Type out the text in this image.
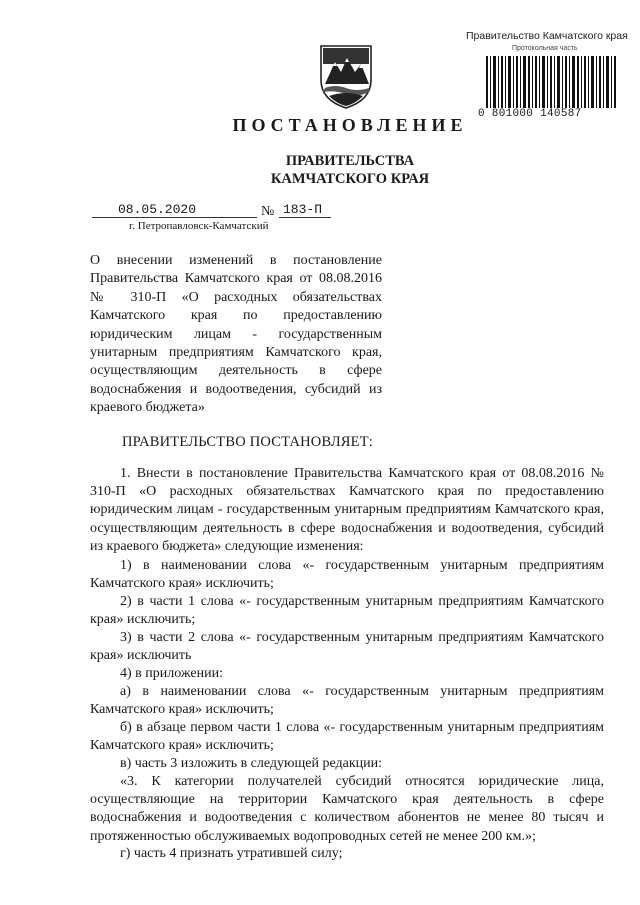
Правительство Камчатского края
Протокольная часть
0 801000 140587
ПОСТАНОВЛЕНИЕ
ПРАВИТЕЛЬСТВА
КАМЧАТСКОГО КРАЯ
08.05.2020	№ 183-П
г. Петропавловск-Камчатский
О внесении изменений в постановление Правительства Камчатского края от 08.08.2016 № 310-П «О расходных обязательствах Камчатского края по предоставлению юридическим лицам - государственным унитарным предприятиям Камчатского края, осуществляющим деятельность в сфере водоснабжения и водоотведения, субсидий из краевого бюджета»
ПРАВИТЕЛЬСТВО ПОСТАНОВЛЯЕТ:
1. Внести в постановление Правительства Камчатского края от 08.08.2016 № 310-П «О расходных обязательствах Камчатского края по предоставлению юридическим лицам - государственным унитарным предприятиям Камчатского края, осуществляющим деятельность в сфере водоснабжения и водоотведения, субсидий из краевого бюджета» следующие изменения:
1) в наименовании слова «- государственным унитарным предприятиям Камчатского края» исключить;
2) в части 1 слова «- государственным унитарным предприятиям Камчатского края» исключить;
3) в части 2 слова «- государственным унитарным предприятиям Камчатского края» исключить
4) в приложении:
а) в наименовании слова «- государственным унитарным предприятиям Камчатского края» исключить;
б) в абзаце первом части 1 слова «- государственным унитарным предприятиям Камчатского края» исключить;
в) часть 3 изложить в следующей редакции:
«3. К категории получателей субсидий относятся юридические лица, осуществляющие на территории Камчатского края деятельность в сфере водоснабжения и водоотведения с количеством абонентов не менее 80 тысяч и протяженностью обслуживаемых водопроводных сетей не менее 200 км.»;
г) часть 4 признать утратившей силу;
